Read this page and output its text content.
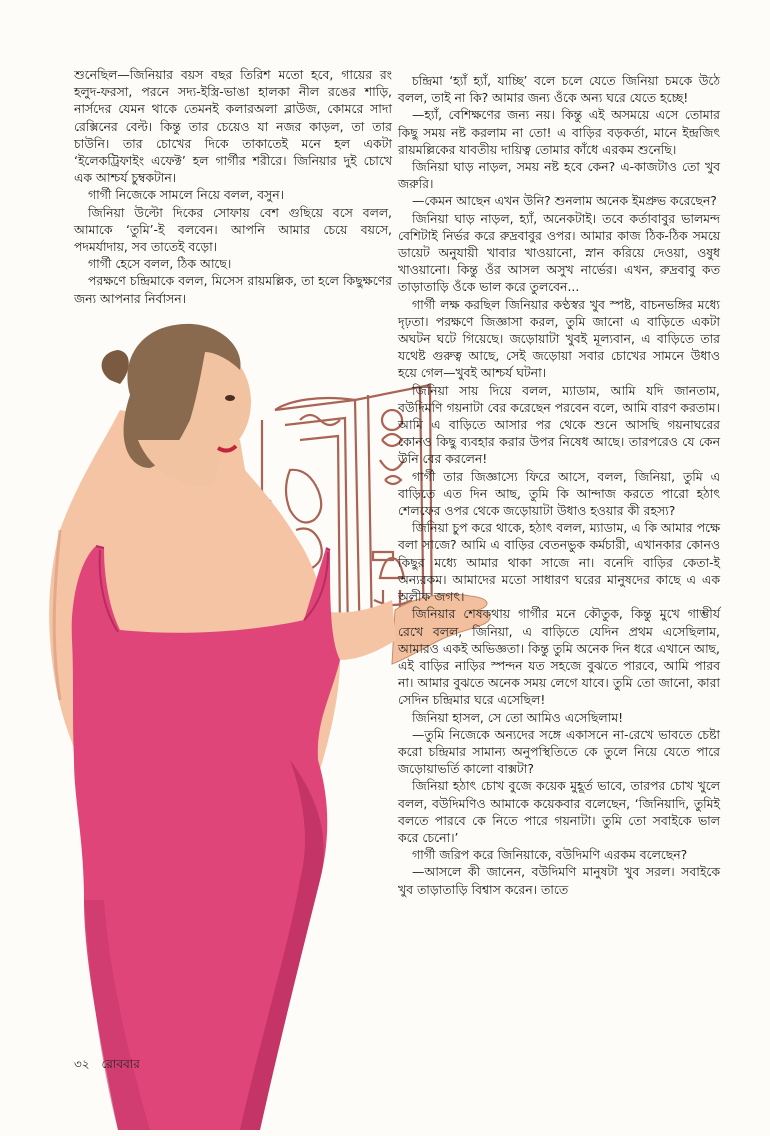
শুনেছিল—জিনিয়ার বয়স বছর তিরিশ মতো হবে, গায়ের রং হলুদ-ফরসা, পরনে সদ্য-ইস্ত্রি-ভাঙা হালকা নীল রঙের শাড়ি, নার্সদের যেমন থাকে তেমনই কলারঅলা ব্লাউজ, কোমরে সাদা রেক্সিনের বেল্ট। কিন্তু তার চেয়েও যা নজর কাড়ল, তা তার চাউনি। তার চোখের দিকে তাকাতেই মনে হল একটা ‘ইলেকট্রিফাইং এফেক্ট’ হল গার্গীর শরীরে। জিনিয়ার দুই চোখে এক আশ্চর্য চুম্বকটান।

গার্গী নিজেকে সামলে নিয়ে বলল, বসুন।

জিনিয়া উল্টো দিকের সোফায় বেশ গুছিয়ে বসে বলল, আমাকে ‘তুমি’-ই বলবেন। আপনি আমার চেয়ে বয়সে, পদমর্যাদায়, সব তাতেই বড়ো।

গার্গী হেসে বলল, ঠিক আছে।

পরক্ষণে চন্দ্রিমাকে বলল, মিসেস রায়মল্লিক, তা হলে কিছুক্ষণের জন্য আপনার নির্বাসন।

চন্দ্রিমা ‘হ্যাঁ হ্যাঁ, যাচ্ছি’ বলে চলে যেতে জিনিয়া চমকে উঠে বলল, তাই না কি? আমার জন্য ওঁকে অন্য ঘরে যেতে হচ্ছে!

—হ্যাঁ, বেশিক্ষণের জন্য নয়। কিন্তু এই অসময়ে এসে তোমার কিছু সময় নষ্ট করলাম না তো! এ বাড়ির বড়কর্তা, মানে ইন্দ্রজিৎ রায়মল্লিকের যাবতীয় দায়িত্ব তোমার কাঁধে এরকম শুনেছি।

জিনিয়া ঘাড় নাড়ল, সময় নষ্ট হবে কেন? এ-কাজটাও তো খুব জরুরি।

—কেমন আছেন এখন উনি? শুনলাম অনেক ইমপ্রুভ করেছেন?

জিনিয়া ঘাড় নাড়ল, হ্যাঁ, অনেকটাই। তবে কর্তাবাবুর ভালমন্দ বেশিটাই নির্ভর করে রুদ্রবাবুর ওপর। আমার কাজ ঠিক-ঠিক সময়ে ডায়েট অনুযায়ী খাবার খাওয়ানো, স্নান করিয়ে দেওয়া, ওষুধ খাওয়ানো। কিন্তু ওঁর আসল অসুখ নার্ভের। এখন, রুদ্রবাবু কত তাড়াতাড়ি ওঁকে ভাল করে তুলবেন...

গার্গী লক্ষ করছিল জিনিয়ার কণ্ঠস্বর খুব স্পষ্ট, বাচনভঙ্গির মধ্যে দৃঢ়তা। পরক্ষণে জিজ্ঞাসা করল, তুমি জানো এ বাড়িতে একটা অঘটন ঘটে গিয়েছে। জড়োয়াটা খুবই মূল্যবান, এ বাড়িতে তার যথেষ্ট গুরুত্ব আছে, সেই জড়োয়া সবার চোখের সামনে উধাও হয়ে গেল—খুবই আশ্চর্য ঘটনা।

জিনিয়া সায় দিয়ে বলল, ম্যাডাম, আমি যদি জানতাম, বউদিমণি গয়নাটা বের করেছেন পরবেন বলে, আমি বারণ করতাম। আমি এ বাড়িতে আসার পর থেকে শুনে আসছি গয়নাঘরের কোনও কিছু ব্যবহার করার উপর নিষেধ আছে। তারপরেও যে কেন উনি বের করলেন!

গার্গী তার জিজ্ঞাস্যে ফিরে আসে, বলল, জিনিয়া, তুমি এ বাড়িতে এত দিন আছ, তুমি কি আন্দাজ করতে পারো হঠাৎ শেলফের ওপর থেকে জড়োয়াটা উধাও হওয়ার কী রহস্য?

জিনিয়া চুপ করে থাকে, হঠাৎ বলল, ম্যাডাম, এ কি আমার পক্ষে বলা সাজে? আমি এ বাড়ির বেতনভুক কর্মচারী, এখানকার কোনও কিছুর মধ্যে আমার থাকা সাজে না। বনেদি বাড়ির কেতা-ই অন্যরকম। আমাদের মতো সাধারণ ঘরের মানুষদের কাছে এ এক অলীক জগৎ।

জিনিয়ার শেষকথায় গার্গীর মনে কৌতুক, কিন্তু মুখে গাম্ভীর্য রেখে বলল, জিনিয়া, এ বাড়িতে যেদিন প্রথম এসেছিলাম, আমারও একই অভিজ্ঞতা। কিন্তু তুমি অনেক দিন ধরে এখানে আছ, এই বাড়ির নাড়ির স্পন্দন যত সহজে বুঝতে পারবে, আমি পারব না। আমার বুঝতে অনেক সময় লেগে যাবে। তুমি তো জানো, কারা সেদিন চন্দ্রিমার ঘরে এসেছিল!

জিনিয়া হাসল, সে তো আমিও এসেছিলাম!

—তুমি নিজেকে অন্যদের সঙ্গে একাসনে না-রেখে ভাবতে চেষ্টা করো চন্দ্রিমার সামান্য অনুপস্থিতিতে কে তুলে নিয়ে যেতে পারে জড়োয়াভর্তি কালো বাক্সটা?

জিনিয়া হঠাৎ চোখ বুজে কয়েক মুহূর্ত ভাবে, তারপর চোখ খুলে বলল, বউদিমণিও আমাকে কয়েকবার বলেছেন, ‘জিনিয়াদি, তুমিই বলতে পারবে কে নিতে পারে গয়নাটা। তুমি তো সবাইকে ভাল করে চেনো।’

গার্গী জরিপ করে জিনিয়াকে, বউদিমণি এরকম বলেছেন?

—আসলে কী জানেন, বউদিমণি মানুষটা খুব সরল। সবাইকে খুব তাড়াতাড়ি বিশ্বাস করেন। তাতে

৩২ রোববার
